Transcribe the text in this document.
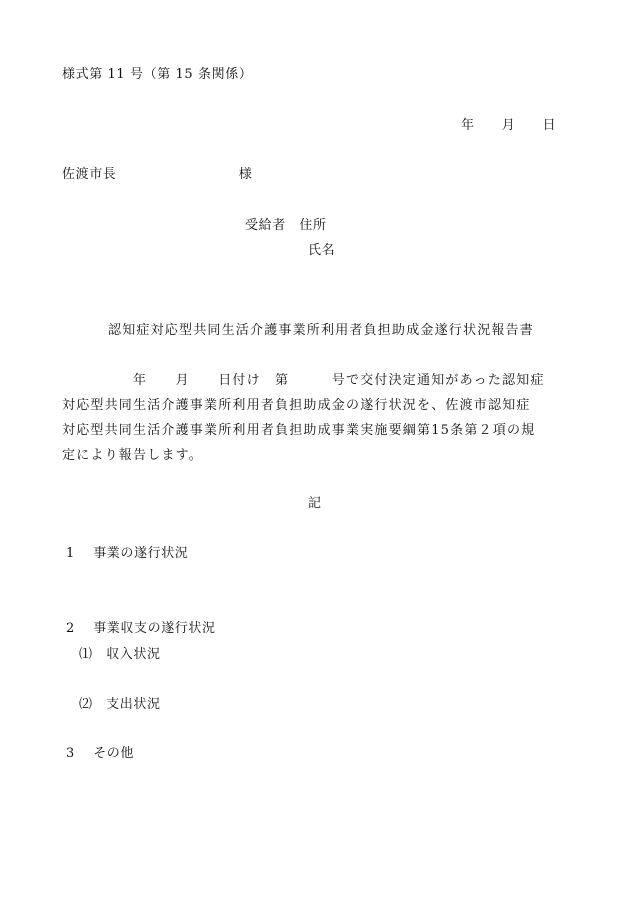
様式第 11 号（第 15 条関係）
年　　月　　日
佐渡市長　　　　　　　　　様
受給者　住所
氏名
認知症対応型共同生活介護事業所利用者負担助成金遂行状況報告書
　　　　　年　　月　　日付け　第　　　号で交付決定通知があった認知症
対応型共同生活介護事業所利用者負担助成金の遂行状況を、佐渡市認知症
対応型共同生活介護事業所利用者負担助成事業実施要綱第15条第２項の規
定により報告します。
記
1　 事業の遂行状況
2　 事業収支の遂行状況
⑴　収入状況
⑵　支出状況
3　 その他
